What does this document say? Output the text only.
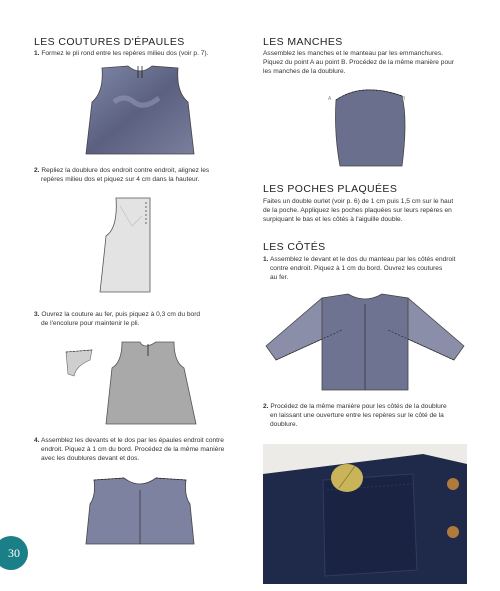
LES COUTURES D'ÉPAULES
1. Formez le pli rond entre les repères milieu dos (voir p. 7).
2. Repliez la doublure dos endroit contre endroit, alignez les
repères milieu dos et piquez sur 4 cm dans la hauteur.
3. Ouvrez la couture au fer, puis piquez à 0,3 cm du bord
de l'encolure pour maintenir le pli.
4. Assemblez les devants et le dos par les épaules endroit contre
endroit. Piquez à 1 cm du bord. Procédez de la même manière
avec les doublures devant et dos.
30
LES MANCHES
Assemblez les manches et le manteau par les emmanchures.
Piquez du point A au point B. Procédez de la même manière pour
les manches de la doublure.
A	B
LES POCHES PLAQUÉES
Faites un double ourlet (voir p. 6) de 1 cm puis 1,5 cm sur le haut
de la poche. Appliquez les poches plaquées sur leurs repères en
surpiquant le bas et les côtés à l'aiguille double.
LES CÔTÉS
1. Assemblez le devant et le dos du manteau par les côtés endroit
contre endroit. Piquez à 1 cm du bord. Ouvrez les coutures
au fer.
2. Procédez de la même manière pour les côtés de la doublure
en laissant une ouverture entre les repères sur le côté de la
doublure.
